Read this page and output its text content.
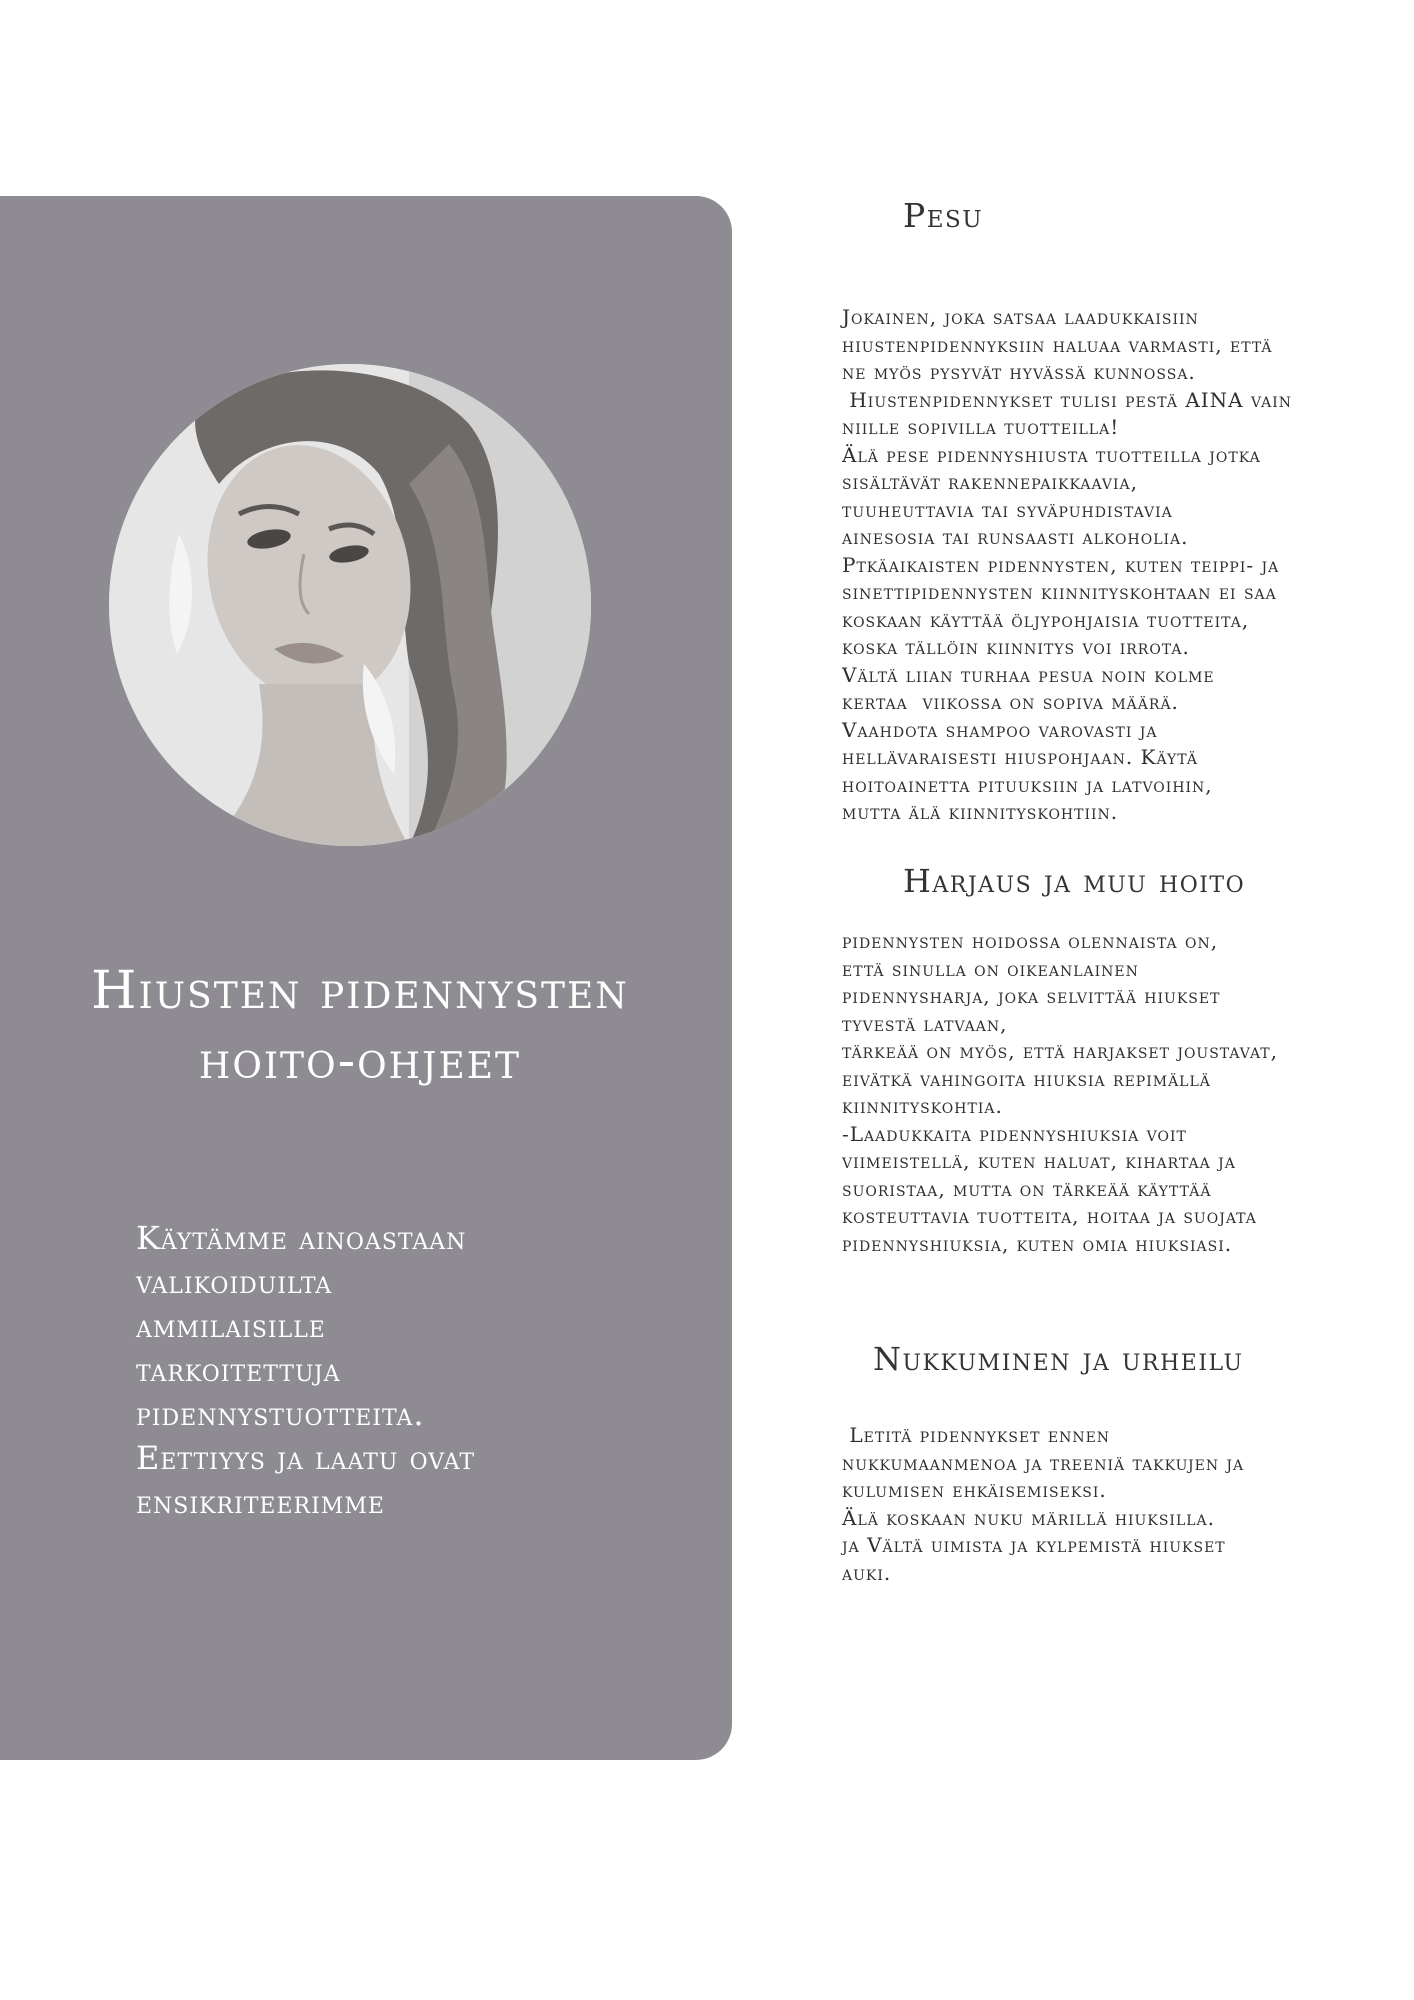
Hiusten pidennysten
hoito-ohjeet

Käytämme ainoastaan
valikoiduilta
ammilaisille
tarkoitettuja
pidennystuotteita.
Eettiyys ja laatu ovat
ensikriteerimme

Pesu

Jokainen, joka satsaa laadukkaisiin
hiustenpidennyksiin haluaa varmasti, että
ne myös pysyvät hyvässä kunnossa.
Hiustenpidennykset tulisi pestä AINA vain
niille sopivilla tuotteilla!
Älä pese pidennyshiusta tuotteilla jotka
sisältävät rakennepaikkaavia,
tuuheuttavia tai syväpuhdistavia
ainesosia tai runsaasti alkoholia.
Ptkäaikaisten pidennysten, kuten teippi- ja
sinettipidennysten kiinnityskohtaan ei saa
koskaan käyttää öljypohjaisia tuotteita,
koska tällöin kiinnitys voi irrota.
Vältä liian turhaa pesua noin kolme
kertaa  viikossa on sopiva määrä.
Vaahdota shampoo varovasti ja
hellävaraisesti hiuspohjaan. Käytä
hoitoainetta pituuksiin ja latvoihin,
mutta älä kiinnityskohtiin.

Harjaus ja muu hoito

pidennysten hoidossa olennaista on,
että sinulla on oikeanlainen
pidennysharja, joka selvittää hiukset
tyvestä latvaan,
tärkeää on myös, että harjakset joustavat,
eivätkä vahingoita hiuksia repimällä
kiinnityskohtia.
-Laadukkaita pidennyshiuksia voit
viimeistellä, kuten haluat, kihartaa ja
suoristaa, mutta on tärkeää käyttää
kosteuttavia tuotteita, hoitaa ja suojata
pidennyshiuksia, kuten omia hiuksiasi.

Nukkuminen ja urheilu

Letitä pidennykset ennen
nukkumaanmenoa ja treeniä takkujen ja
kulumisen ehkäisemiseksi.
Älä koskaan nuku märillä hiuksilla.
ja Vältä uimista ja kylpemistä hiukset
auki.
